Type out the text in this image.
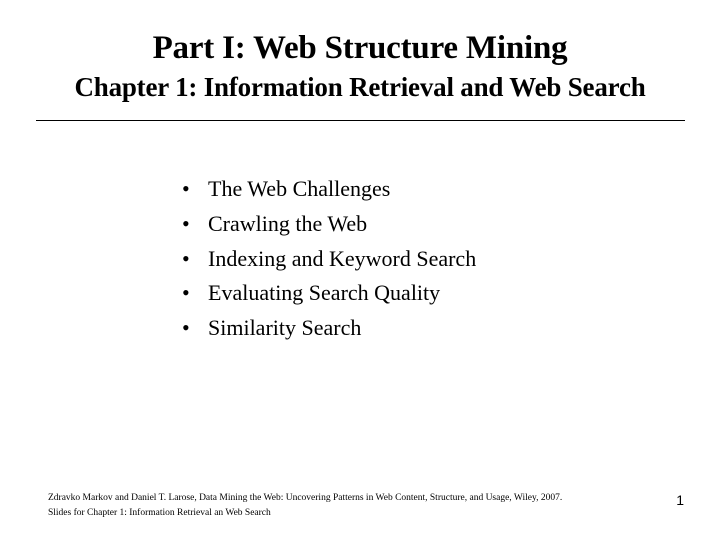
Part I: Web Structure Mining
Chapter 1: Information Retrieval and Web Search
• The Web Challenges
• Crawling the Web
• Indexing and Keyword Search
• Evaluating Search Quality
• Similarity Search
Zdravko Markov and Daniel T. Larose, Data Mining the Web: Uncovering Patterns in Web Content, Structure, and Usage, Wiley, 2007.
Slides for Chapter 1: Information Retrieval an Web Search
1
